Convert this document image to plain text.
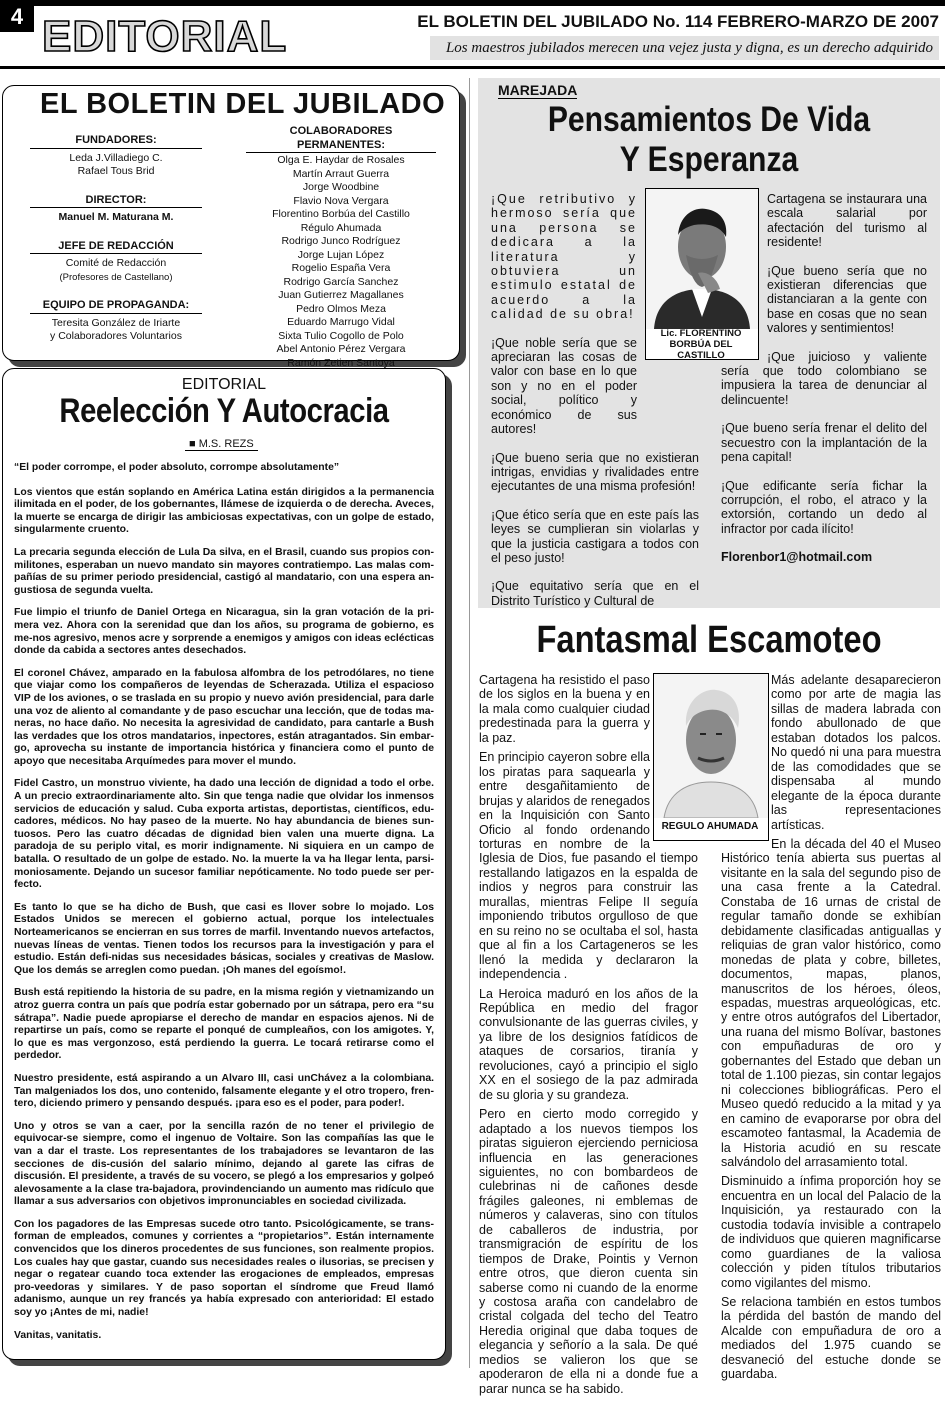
4 EDITORIAL	EL BOLETIN DEL JUBILADO No. 114 FEBRERO-MARZO DE 2007
Los maestros jubilados merecen una vejez justa y digna, es un derecho adquirido
EL BOLETIN DEL JUBILADO
FUNDADORES:
Leda J.Villadiego C.
Rafael Tous Brid
DIRECTOR:
Manuel M. Maturana M.
JEFE DE REDACCIÓN
Comité de Redacción
(Profesores de Castellano)
EQUIPO DE PROPAGANDA:
Teresita González de Iriarte
y Colaboradores Voluntarios
COLABORADORES PERMANENTES:
Olga E. Haydar de Rosales
Martín Arraut Guerra
Jorge Woodbine
Flavio Nova Vergara
Florentino Borbúa del Castillo
Régulo Ahumada
Rodrigo Junco Rodríguez
Jorge Lujan López
Rogelio España Vera
Rodrigo García Sanchez
Juan Gutierrez Magallanes
Pedro Olmos Meza
Eduardo Marrugo Vidal
Sixta Tulio Cogollo de Polo
Abel Antonio Pérez Vergara
Ramón Zetien Santoya
EDITORIAL
Reelección Y Autocracia
■ M.S. REZS

“El poder corrompe, el poder absoluto, corrompe absolutamente”

Los vientos que están soplando en América Latina están dirigidos a la permanencia ilimitada en el poder, de los gobernantes, llámese de izquierda o de derecha. Aveces, la muerte se encarga de dirigir las ambiciosas expectativas, con un golpe de estado, singularmente cruento.

La precaria segunda elección de Lula Da silva, en el Brasil, cuando sus propios con-militones, esperaban un nuevo mandato sin mayores contratiempo. Las malas com-pañías de su primer periodo presidencial, castigó al mandatario, con una espera an-gustiosa de segunda vuelta.

Fue limpio el triunfo de Daniel Ortega en Nicaragua, sin la gran votación de la pri-mera vez. Ahora con la serenidad que dan los años, su programa de gobierno, es me-nos agresivo, menos acre y sorprende a enemigos y amigos con ideas eclécticas donde da cabida a sectores antes desechados.

El coronel Chávez, amparado en la fabulosa alfombra de los petrodólares, no tiene que viajar como los compañeros de leyendas de Scherazada. Utiliza el espacioso VIP de los aviones, o se traslada en su propio y nuevo avión presidencial, para darle una voz de aliento al comandante y de paso escuchar una lección, que de todas ma-neras, no hace daño. No necesita la agresividad de candidato, para cantarle a Bush las verdades que los otros mandatarios, inpectores, están atragantados. Sin embar-go, aprovecha su instante de importancia histórica y financiera como el punto de apoyo que necesitaba Arquímedes para mover el mundo.

Fidel Castro, un monstruo viviente, ha dado una lección de dignidad a todo el orbe. A un precio extraordinariamente alto. Sin que tenga nadie que olvidar los inmensos servicios de educación y salud. Cuba exporta artistas, deportistas, científicos, edu-cadores, médicos. No hay paseo de la muerte. No hay abundancia de bienes sun-tuosos. Pero las cuatro décadas de dignidad bien valen una muerte digna. La paradoja de su periplo vital, es morir indignamente. Ni siquiera en un campo de batalla. O resultado de un golpe de estado. No. la muerte la va ha llegar lenta, parsi-moniosamente. Dejando un sucesor familiar nepóticamente. No todo puede ser per-fecto.

Es tanto lo que se ha dicho de Bush, que casi es llover sobre lo mojado. Los Estados Unidos se merecen el gobierno actual, porque los intelectuales Norteamericanos se encierran en sus torres de marfil. Inventando nuevos artefactos, nuevas líneas de ventas. Tienen todos los recursos para la investigación y para el estudio. Están defi-nidas sus necesidades básicas, sociales y creativas de Maslow. Que los demás se arreglen como puedan. ¡Oh manes del egoísmo!.

Bush está repitiendo la historia de su padre, en la misma región y vietnamizando un atroz guerra contra un país que podría estar gobernado por un sátrapa, pero era “su sátrapa”. Nadie puede apropiarse el derecho de mandar en espacios ajenos. Ni de repartirse un país, como se reparte el ponqué de cumpleaños, con los amigotes. Y, lo que es mas vergonzoso, está perdiendo la guerra. Le tocará retirarse como el perdedor.

Nuestro presidente, está aspirando a un Alvaro III, casi unChávez a la colombiana. Tan malgeniados los dos, uno contenido, falsamente elegante y el otro tropero, fren-tero, diciendo primero y pensando después. ¡para eso es el poder, para poder!.

Uno y otros se van a caer, por la sencilla razón de no tener el privilegio de equivocar-se siempre, como el ingenuo de Voltaire. Son las compañías las que le van a dar el traste. Los representantes de los trabajadores se levantaron de las secciones de dis-cusión del salario mínimo, dejando al garete las cifras de discusión. El presidente, a través de su vocero, se plegó a los empresarios y golpeó alevosamente a la clase tra-bajadora, provindenciando un aumento mas ridículo que llamar a sus adversarios con objetivos impronunciables en sociedad civilizada.

Con los pagadores de las Empresas sucede otro tanto. Psicológicamente, se trans-forman de empleados, comunes y corrientes a “propietarios”. Están internamente convencidos que los dineros procedentes de sus funciones, son realmente propios. Los cuales hay que gastar, cuando sus necesidades reales o ilusorias, se precisen y negar o regatear cuando toca extender las erogaciones de empleados, empresas pro-veedoras y similares. Y de paso soportan el síndrome que Freud llamó adanismo, aunque un rey francés ya había expresado con anterioridad: El estado soy yo ¡Antes de mi, nadie!

Vanitas, vanitatis.

MAREJADA
Pensamientos De Vida
Y Esperanza

¡Que retributivo y hermoso sería que una persona se dedicara a la literatura y obtuviera un estimulo estatal de acuerdo a la calidad de su obra!

¡Que noble sería que se apreciaran las cosas de valor con base en lo que son y no en el poder social, político y económico de sus autores!

¡Que bueno seria que no existieran intrigas, envidias y rivalidades entre ejecutantes de una misma profesión!

¡Que ético sería que en este país las leyes se cumplieran sin violarlas y que la justicia castigara a todos con el peso justo!

¡Que equitativo sería que en el Distrito Turístico y Cultural de

Cartagena se instaurara una escala salarial por afectación del turismo al residente!

¡Que bueno sería que no existieran diferencias que distanciaran a la gente con base en cosas que no sean valores y sentimientos!

¡Que juicioso y valiente sería que todo colombiano se impusiera la tarea de denunciar al delincuente!

¡Que bueno sería frenar el delito del secuestro con la implantación de la pena capital!

¡Que edificante sería fichar la corrupción, el robo, el atraco y la extorsión, cortando un dedo al infractor por cada ilícito!

Florenbor1@hotmail.com

Lic. FLORENTINO
BORBÚA DEL CASTILLO
Fantasmal Escamoteo

Cartagena ha resistido el paso de los siglos en la buena y en la mala como cualquier ciudad predestinada para la guerra y la paz.

En principio cayeron sobre ella los piratas para saquearla y entre desgañitamiento de brujas y alaridos de renegados en la Inquisición con Santo Oficio al fondo ordenando torturas en nombre de la Iglesia de Dios, fue pasando el tiempo restallando latigazos en la espalda de indios y negros para construir las murallas, mientras Felipe II seguía imponiendo tributos orgulloso de que en su reino no se ocultaba el sol, hasta que al fin a los Cartageneros se les llenó la medida y declararon la independencia .

La Heroica maduró en los años de la República en medio del fragor convulsionante de las guerras civiles, y ya libre de los designios fatídicos de ataques de corsarios, tiranía y revoluciones, cayó a principio el siglo XX en el sosiego de la paz admirada de su gloria y su grandeza.

Pero en cierto modo corregido y adaptado a los nuevos tiempos los piratas siguieron ejerciendo perniciosa influencia en las generaciones siguientes, no con bombardeos de culebrinas ni de cañones desde frágiles galeones, ni emblemas de números y calaveras, sino con títulos de caballeros de industria, por transmigración de espíritu de los tiempos de Drake, Pointis y Vernon entre otros, que dieron cuenta sin saberse como ni cuando de la enorme y costosa araña con candelabro de cristal colgada del techo del Teatro Heredia original que daba toques de elegancia y señorío a la sala. De qué medios se valieron los que se apoderaron de ella ni a donde fue a parar nunca se ha sabido.

Más adelante desaparecieron como por arte de magia las sillas de madera labrada con fondo abullonado de que estaban dotados los palcos. No quedó ni una para muestra de las comodidades que se dispensaba al mundo elegante de la época durante las representaciones artísticas.

En la década del 40 el Museo Histórico tenía abierta sus puertas al visitante en la sala del segundo piso de una casa frente a la Catedral. Constaba de 16 urnas de cristal de regular tamaño donde se exhibían debidamente clasificadas antiguallas y reliquias de gran valor histórico, como monedas de plata y cobre, billetes, documentos, mapas, planos, manuscritos de los héroes, óleos, espadas, muestras arqueológicas, etc. y entre otros autógrafos del Libertador, una ruana del mismo Bolívar, bastones con empuñaduras de oro y gobernantes del Estado que deban un total de 1.100 piezas, sin contar legajos ni colecciones bibliográficas. Pero el Museo quedó reducido a la mitad y ya en camino de evaporarse por obra del escamoteo fantasmal, la Academia de la Historia acudió en su rescate salvándolo del arrasamiento total.

Disminuido a ínfima proporción hoy se encuentra en un local del Palacio de la Inquisición, ya restaurado con la custodia todavía invisible a contrapelo de individuos que quieren magnificarse como guardianes de la valiosa colección y piden títulos tributarios como vigilantes del mismo.

Se relaciona también en estos tumbos la pérdida del bastón de mando del Alcalde con empuñadura de oro a mediados del 1.975 cuando se desvaneció del estuche donde se guardaba.

REGULO AHUMADA
